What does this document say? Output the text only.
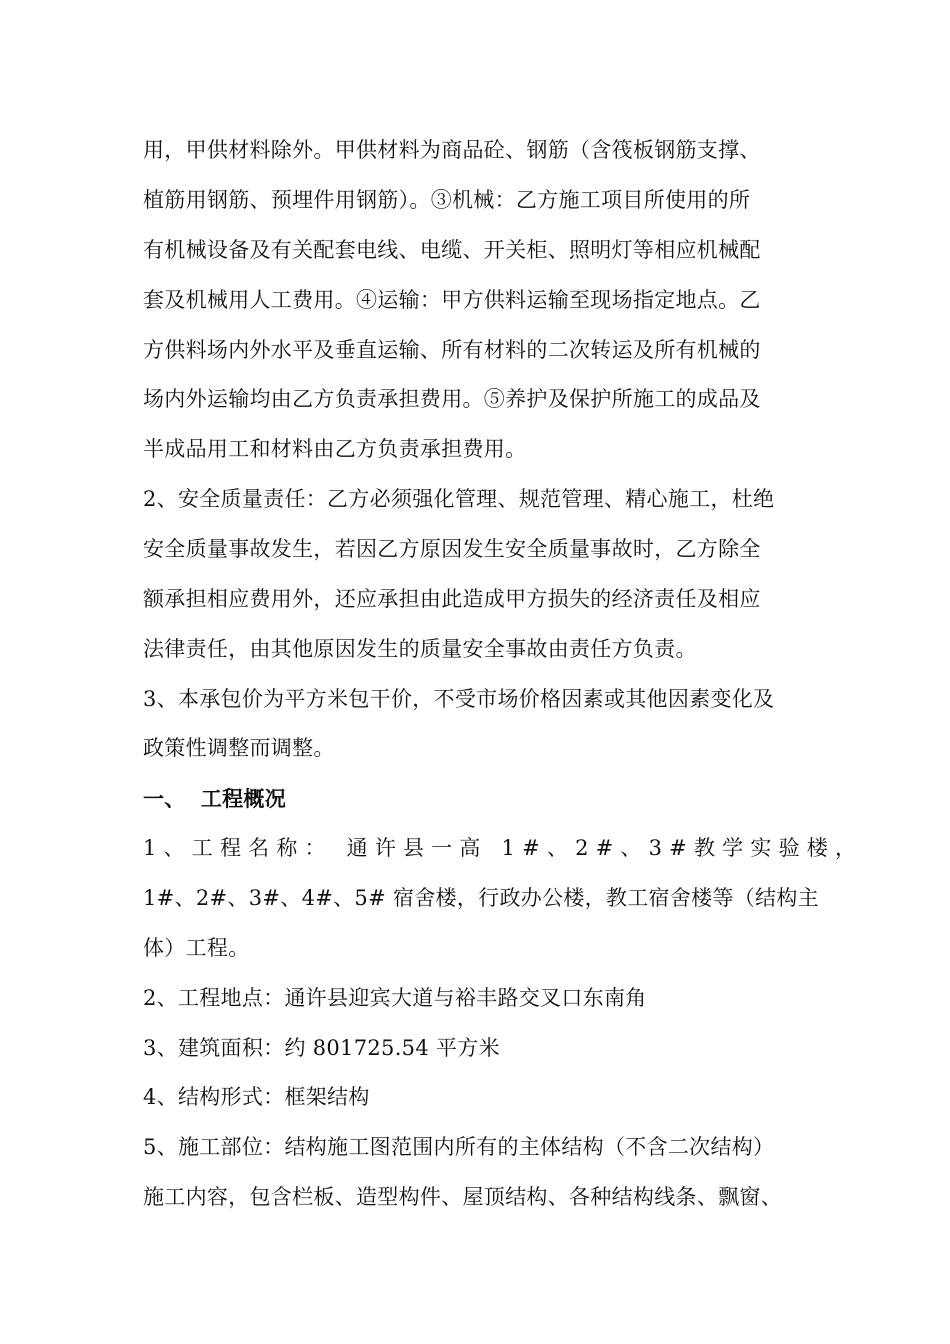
用，甲供材料除外。甲供材料为商品砼、钢筋（含筏板钢筋支撑、
植筋用钢筋、预埋件用钢筋）。③机械：乙方施工项目所使用的所
有机械设备及有关配套电线、电缆、开关柜、照明灯等相应机械配
套及机械用人工费用。④运输：甲方供料运输至现场指定地点。乙
方供料场内外水平及垂直运输、所有材料的二次转运及所有机械的
场内外运输均由乙方负责承担费用。⑤养护及保护所施工的成品及
半成品用工和材料由乙方负责承担费用。
2、安全质量责任：乙方必须强化管理、规范管理、精心施工，杜绝
安全质量事故发生，若因乙方原因发生安全质量事故时，乙方除全
额承担相应费用外，还应承担由此造成甲方损失的经济责任及相应
法律责任，由其他原因发生的质量安全事故由责任方负责。
3、本承包价为平方米包干价，不受市场价格因素或其他因素变化及
政策性调整而调整。
一、  工程概况
1、工程名称： 通许县一高 1#、2#、3#教学实验楼，
1#、2#、3#、4#、5# 宿舍楼，行政办公楼，教工宿舍楼等（结构主
体）工程。
2、工程地点：通许县迎宾大道与裕丰路交叉口东南角
3、建筑面积：约 801725.54 平方米
4、结构形式：框架结构
5、施工部位：结构施工图范围内所有的主体结构（不含二次结构）
施工内容，包含栏板、造型构件、屋顶结构、各种结构线条、飘窗、
